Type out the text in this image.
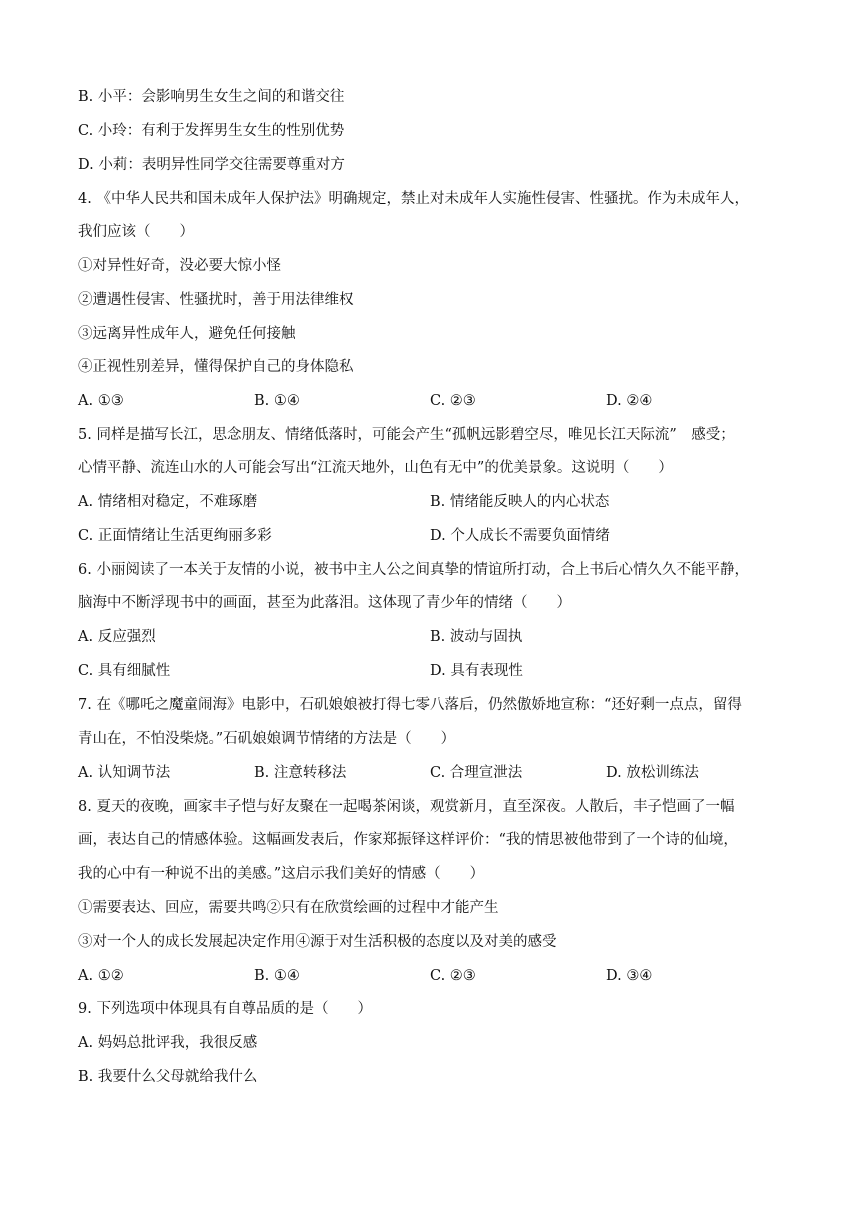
B. 小平：会影响男生女生之间的和谐交往
C. 小玲：有利于发挥男生女生的性别优势
D. 小莉：表明异性同学交往需要尊重对方
4. 《中华人民共和国未成年人保护法》明确规定，禁止对未成年人实施性侵害、性骚扰。作为未成年人，
我们应该（　　）
①对异性好奇，没必要大惊小怪
②遭遇性侵害、性骚扰时，善于用法律维权
③远离异性成年人，避免任何接触
④正视性别差异，懂得保护自己的身体隐私
A. ①③	B. ①④	C. ②③	D. ②④
5. 同样是描写长江，思念朋友、情绪低落时，可能会产生“孤帆远影碧空尽，唯见长江天际流”　感受；
心情平静、流连山水的人可能会写出“江流天地外，山色有无中”的优美景象。这说明（　　）
A. 情绪相对稳定，不难琢磨	B. 情绪能反映人的内心状态
C. 正面情绪让生活更绚丽多彩	D. 个人成长不需要负面情绪
6. 小丽阅读了一本关于友情的小说，被书中主人公之间真挚的情谊所打动，合上书后心情久久不能平静，
脑海中不断浮现书中的画面，甚至为此落泪。这体现了青少年的情绪（　　）
A. 反应强烈	B. 波动与固执
C. 具有细腻性	D. 具有表现性
7. 在《哪吒之魔童闹海》电影中，石矶娘娘被打得七零八落后，仍然傲娇地宣称：“还好剩一点点，留得
青山在，不怕没柴烧。”石矶娘娘调节情绪的方法是（　　）
A. 认知调节法	B. 注意转移法	C. 合理宣泄法	D. 放松训练法
8. 夏天的夜晚，画家丰子恺与好友聚在一起喝茶闲谈，观赏新月，直至深夜。人散后，丰子恺画了一幅
画，表达自己的情感体验。这幅画发表后，作家郑振铎这样评价：“我的情思被他带到了一个诗的仙境，
我的心中有一种说不出的美感。”这启示我们美好的情感（　　）
①需要表达、回应，需要共鸣②只有在欣赏绘画的过程中才能产生
③对一个人的成长发展起决定作用④源于对生活积极的态度以及对美的感受
A. ①②	B. ①④	C. ②③	D. ③④
9. 下列选项中体现具有自尊品质的是（　　）
A. 妈妈总批评我，我很反感
B. 我要什么父母就给我什么
